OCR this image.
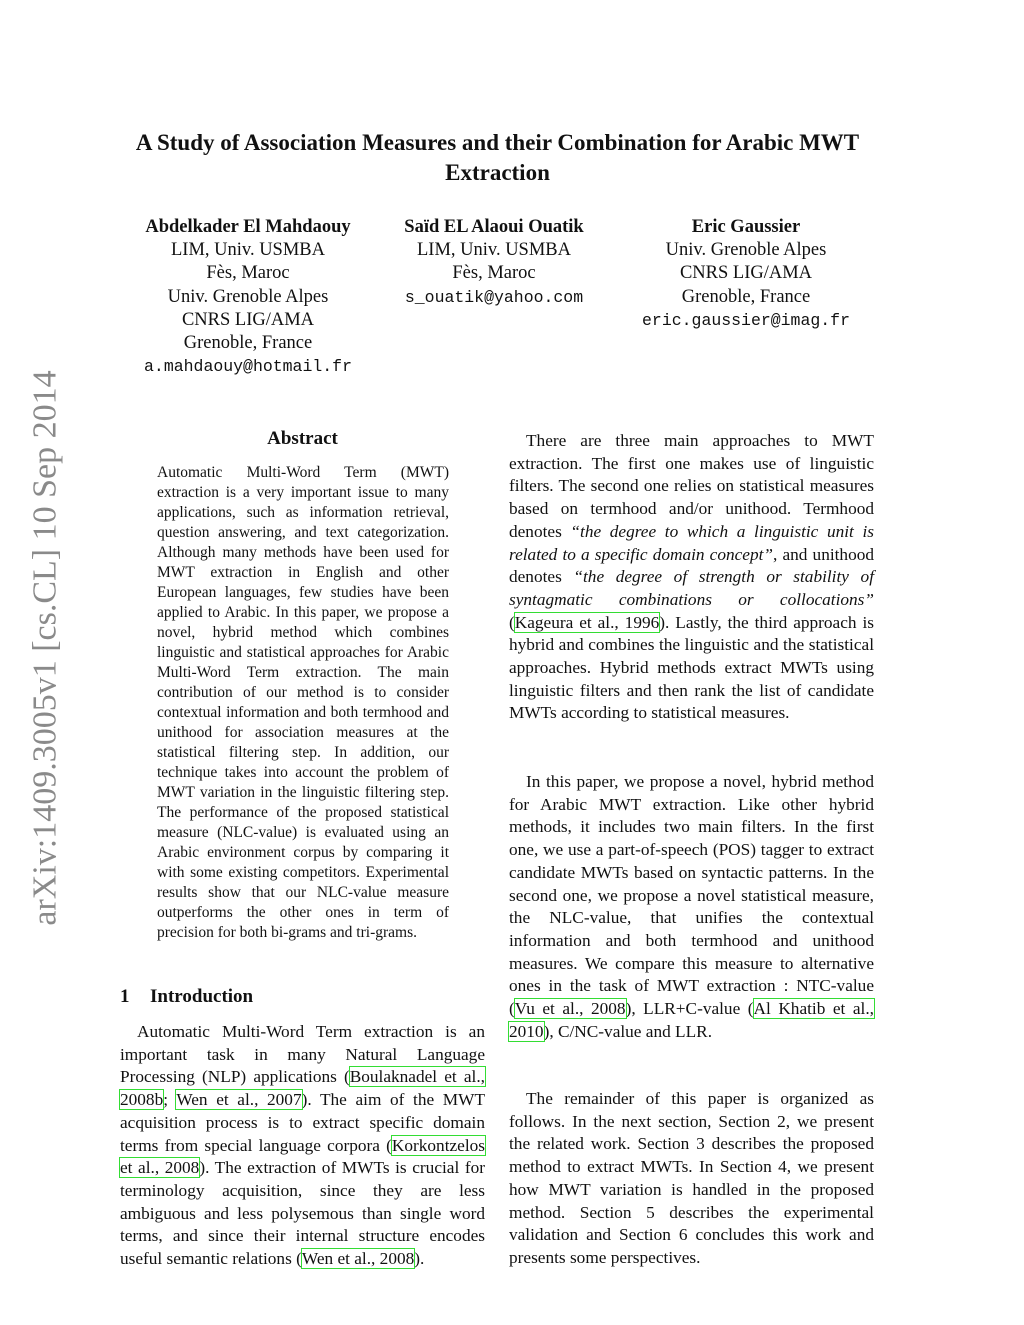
arXiv:1409.3005v1 [cs.CL] 10 Sep 2014
A Study of Association Measures and their Combination for Arabic MWT Extraction
Abdelkader El Mahdaouy
LIM, Univ. USMBA
Fès, Maroc
Univ. Grenoble Alpes
CNRS LIG/AMA
Grenoble, France
a.mahdaouy@hotmail.fr
Saïd EL Alaoui Ouatik
LIM, Univ. USMBA
Fès, Maroc
s_ouatik@yahoo.com
Eric Gaussier
Univ. Grenoble Alpes
CNRS LIG/AMA
Grenoble, France
eric.gaussier@imag.fr
Abstract
Automatic Multi-Word Term (MWT) extraction is a very important issue to many applications, such as information retrieval, question answering, and text categorization. Although many methods have been used for MWT extraction in English and other European languages, few studies have been applied to Arabic. In this paper, we propose a novel, hybrid method which combines linguistic and statistical approaches for Arabic Multi-Word Term extraction. The main contribution of our method is to consider contextual information and both termhood and unithood for association measures at the statistical filtering step. In addition, our technique takes into account the problem of MWT variation in the linguistic filtering step. The performance of the proposed statistical measure (NLC-value) is evaluated using an Arabic environment corpus by comparing it with some existing competitors. Experimental results show that our NLC-value measure outperforms the other ones in term of precision for both bi-grams and tri-grams.
1 Introduction

Automatic Multi-Word Term extraction is an important task in many Natural Language Processing (NLP) applications (Boulaknadel et al., 2008b; Wen et al., 2007). The aim of the MWT acquisition process is to extract specific domain terms from special language corpora (Korkontzelos et al., 2008). The extraction of MWTs is crucial for terminology acquisition, since they are less ambiguous and less polysemous than single word terms, and since their internal structure encodes useful semantic relations (Wen et al., 2008).

There are three main approaches to MWT extraction. The first one makes use of linguistic filters. The second one relies on statistical measures based on termhood and/or unithood. Termhood denotes “the degree to which a linguistic unit is related to a specific domain concept”, and unithood denotes “the degree of strength or stability of syntagmatic combinations or collocations” (Kageura et al., 1996). Lastly, the third approach is hybrid and combines the linguistic and the statistical approaches. Hybrid methods extract MWTs using linguistic filters and then rank the list of candidate MWTs according to statistical measures.

In this paper, we propose a novel, hybrid method for Arabic MWT extraction. Like other hybrid methods, it includes two main filters. In the first one, we use a part-of-speech (POS) tagger to extract candidate MWTs based on syntactic patterns. In the second one, we propose a novel statistical measure, the NLC-value, that unifies the contextual information and both termhood and unithood measures. We compare this measure to alternative ones in the task of MWT extraction : NTC-value (Vu et al., 2008), LLR+C-value (Al Khatib et al., 2010), C/NC-value and LLR.

The remainder of this paper is organized as follows. In the next section, Section 2, we present the related work. Section 3 describes the proposed method to extract MWTs. In Section 4, we present how MWT variation is handled in the proposed method. Section 5 describes the experimental validation and Section 6 concludes this work and presents some perspectives.
